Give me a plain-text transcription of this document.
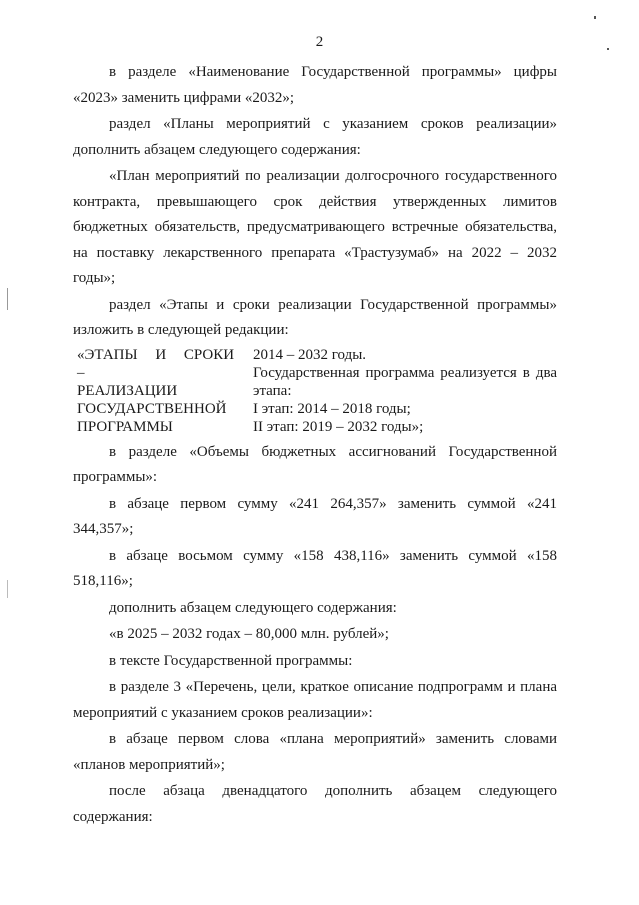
2

в разделе «Наименование Государственной программы» цифры «2023» заменить цифрами «2032»;

раздел «Планы мероприятий с указанием сроков реализации» дополнить абзацем следующего содержания:

«План мероприятий по реализации долгосрочного государственного контракта, превышающего срок действия утвержденных лимитов бюджетных обязательств, предусматривающего встречные обязательства, на поставку лекарственного препарата «Трастузумаб» на 2022 – 2032 годы»;

раздел «Этапы и сроки реализации Государственной программы» изложить в следующей редакции:

«ЭТАПЫ И СРОКИ –
РЕАЛИЗАЦИИ
ГОСУДАРСТВЕННОЙ
ПРОГРАММЫ
2014 – 2032 годы.
Государственная программа реализуется в два этапа:
I этап: 2014 – 2018 годы;
II этап: 2019 – 2032 годы»;

в разделе «Объемы бюджетных ассигнований Государственной программы»:

в абзаце первом сумму «241 264,357» заменить суммой «241 344,357»;

в абзаце восьмом сумму «158 438,116» заменить суммой «158 518,116»;

дополнить абзацем следующего содержания:

«в 2025 – 2032 годах – 80,000 млн. рублей»;

в тексте Государственной программы:

в разделе 3 «Перечень, цели, краткое описание подпрограмм и плана мероприятий с указанием сроков реализации»:

в абзаце первом слова «плана мероприятий» заменить словами «планов мероприятий»;

после абзаца двенадцатого дополнить абзацем следующего содержания:
